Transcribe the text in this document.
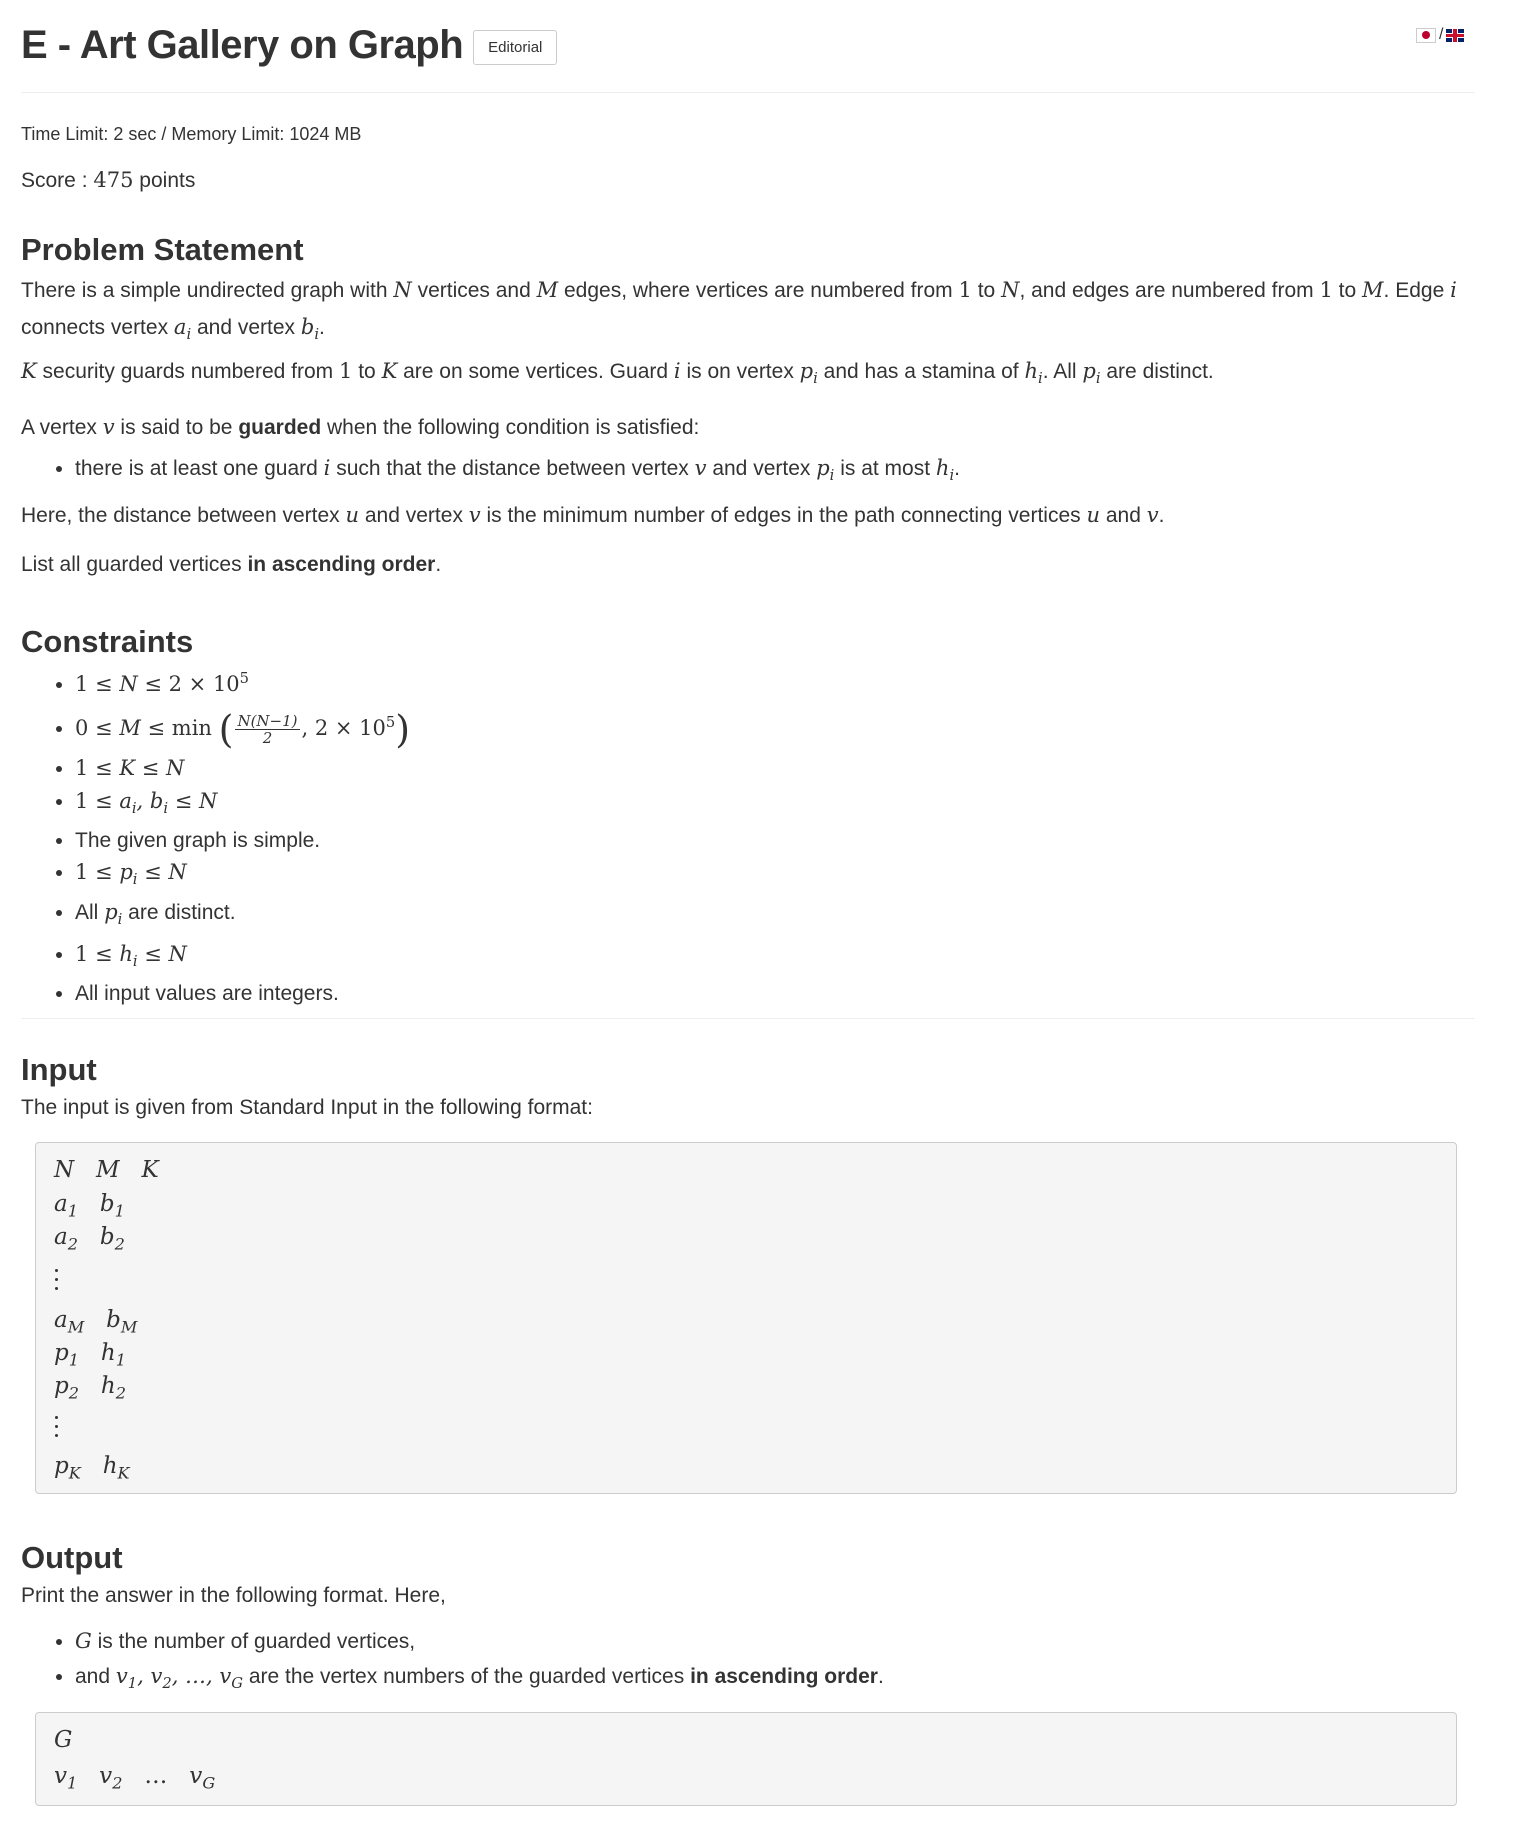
E - Art Gallery on Graph	Editorial
/
Time Limit: 2 sec / Memory Limit: 1024 MB
Score : 475 points
Problem Statement

There is a simple undirected graph with N vertices and M edges, where vertices are numbered from 1 to N, and edges are numbered from 1 to M. Edge i connects vertex $a_i$ and vertex $b_i$.
K security guards numbered from 1 to K are on some vertices. Guard i is on vertex $p_i$ and has a stamina of $h_i$. All $p_i$ are distinct.

A vertex v is said to be guarded when the following condition is satisfied:

• there is at least one guard i such that the distance between vertex v and vertex $p_i$ is at most $h_i$.

Here, the distance between vertex u and vertex v is the minimum number of edges in the path connecting vertices u and v.

List all guarded vertices in ascending order.

Constraints
• $1 \le N \le 2 \times 10^5$
• 0 ≤ M ≤ min ( $\frac{N(N-1)}{2}$ , $2 \times 10^5$)
• 1 ≤ K ≤ N
• $1 \le a_i$, $b_i \le N$
• The given graph is simple.
• $1 \le p_i \le N$
• All $p_i$ are distinct.
• $1 \le h_i \le N$
• All input values are integers.
Input

The input is given from Standard Input in the following format:

N   M   K
$a_1$   $b_1$
$a_2$   $b_2$
$a_M$   $b_M$
$p_1$   $h_1$
$p_2$   $h_2$
$p_K$   $h_K$
Output

Print the answer in the following format. Here,

• G is the number of guarded vertices,
• and $v_1$, $v_2$, …, $v_G$ are the vertex numbers of the guarded vertices in ascending order.
G
$v_1$   $v_2$ …   $v_G$
